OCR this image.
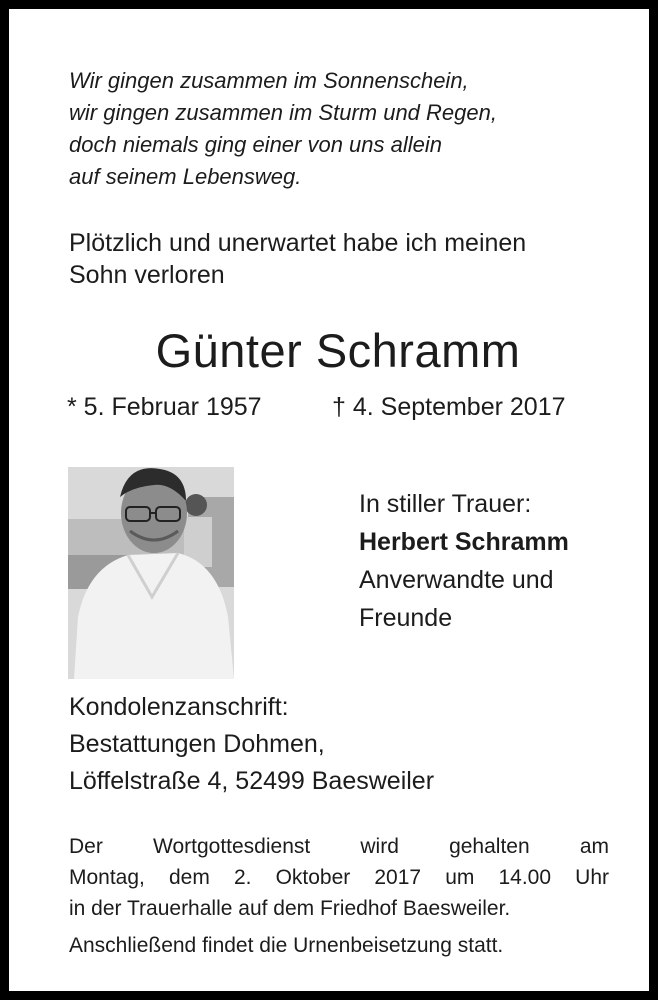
Wir gingen zusammen im Sonnenschein,
wir gingen zusammen im Sturm und Regen,
doch niemals ging einer von uns allein
auf seinem Lebensweg.
Plötzlich und unerwartet habe ich meinen
Sohn verloren
Günter Schramm
* 5. Februar 1957	† 4. September 2017
In stiller Trauer:
Herbert Schramm
Anverwandte und
Freunde
Kondolenzanschrift:
Bestattungen Dohmen,
Löffelstraße 4, 52499 Baesweiler
Der Wortgottesdienst wird gehalten am
Montag, dem 2. Oktober 2017 um 14.00 Uhr
in der Trauerhalle auf dem Friedhof Baesweiler.
Anschließend findet die Urnenbeisetzung statt.
